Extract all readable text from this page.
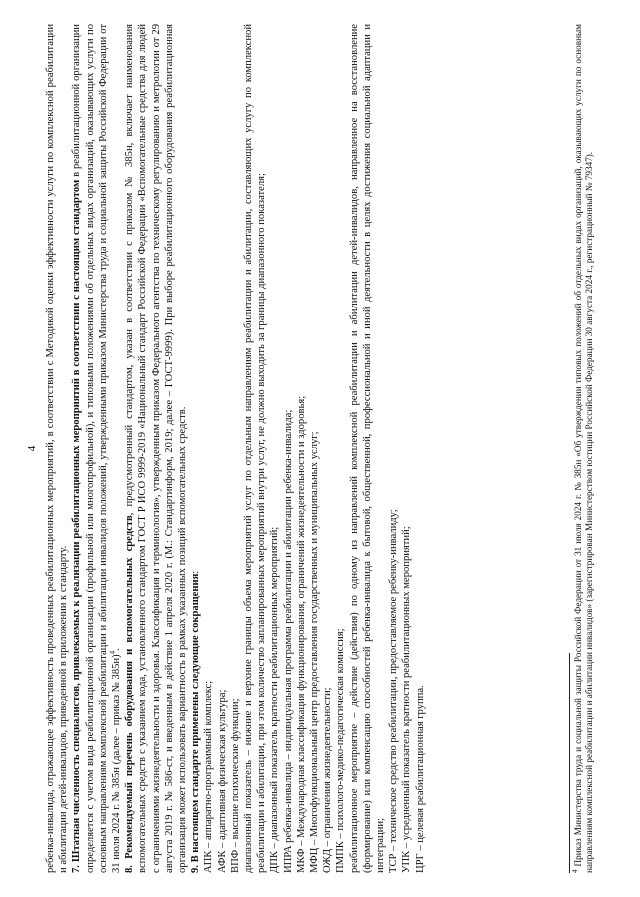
4 ребенка-инвалида, отражающее эффективность проведенных реабилитационных мероприятий, в соответствии с Методикой оценки эффективности услуги по комплексной реабилитации и абилитации детей-инвалидов, приведенной в приложении к стандарту. 7. Штатная численность специалистов, привлекаемых к реализации реабилитационных мероприятий в соответствии с настоящим стандартом в реабилитационной организации определяется с учетом вида реабилитационной организации (профильной или многопрофильной), и типовыми положениями об отдельных видах организаций, оказывающих услуги по основным направлениям комплексной реабилитации и абилитации инвалидов положений, утвержденными приказом Министерства труда и социальной защиты Российской Федерации от 31 июля 2024 г. № 385н (далее – приказ № 385н)$^4$. 8. Рекомендуемый перечень оборудования и вспомогательных средств, предусмотренный стандартом, указан в соответствии с приказом № 385н, включает наименования вспомогательных средств с указанием кода, установленного стандартом ГОСТ Р ИСО 9999-2019 «Национальный стандарт Российской Федерации «Вспомогательные средства для людей с ограничениями жизнедеятельности и здоровья. Классификация и терминология», утвержденным приказом Федерального агентства по техническому регулированию и метрологии от 29 августа 2019 г. № 586-ст, и введенным в действие 1 апреля 2020 г. (М.: Стандартинформ, 2019; далее – ГОСТ-9999). При выборе реабилитационного оборудования реабилитационная организация может использовать вариантность в рамках указанных позиций вспомогательных средств. 9. В настоящем стандарте применены следующие сокращения:

АПК – аппаратно-программный комплекс; АФК – адаптивная физическая культура; ВПФ – высшие психические функции; диапазонный показатель – нижние и верхние границы объема мероприятий услуг по отдельным направлениям реабилитации и абилитации, составляющих услугу по комплексной реабилитации и абилитации, при этом количество запланированных мероприятий внутри услуг, не должно выходить за границы диапазонного показателя; ДПК – диапазонный показатель кратности реабилитационных мероприятий; ИПРА ребенка-инвалида – индивидуальная программа реабилитации и абилитации ребенка-инвалида; МКФ – Международная классификация функционирования, ограничений жизнедеятельности и здоровья; МФЦ – Многофункциональный центр предоставления государственных и муниципальных услуг; ОЖД – ограничения жизнедеятельности; ПМПК – психолого-медико-педагогическая комиссия; реабилитационное мероприятие – действие (действия) по одному из направлений комплексной реабилитации и абилитации детей-инвалидов, направленное на восстановление (формирование) или компенсацию способностей ребенка-инвалида к бытовой, общественной, профессиональной и иной деятельности в целях достижения социальной адаптации и интеграции; ТСР – техническое средство реабилитации, предоставляемое ребенку-инвалиду; УПК – усредненный показатель кратности реабилитационных мероприятий; ЦРГ – целевая реабилитационная группа.	$^4$ Приказ Министерства труда и социальной защиты Российской Федерации от 31 июля 2024 г. № 385н «Об утверждении типовых положений об отдельных видах организаций, оказывающих услуги по основным направлениям комплексной реабилитации и абилитации инвалидов» (зарегистрирован Министерством юстиции Российской Федерации 30 августа 2024 г., регистрационный № 79347).
